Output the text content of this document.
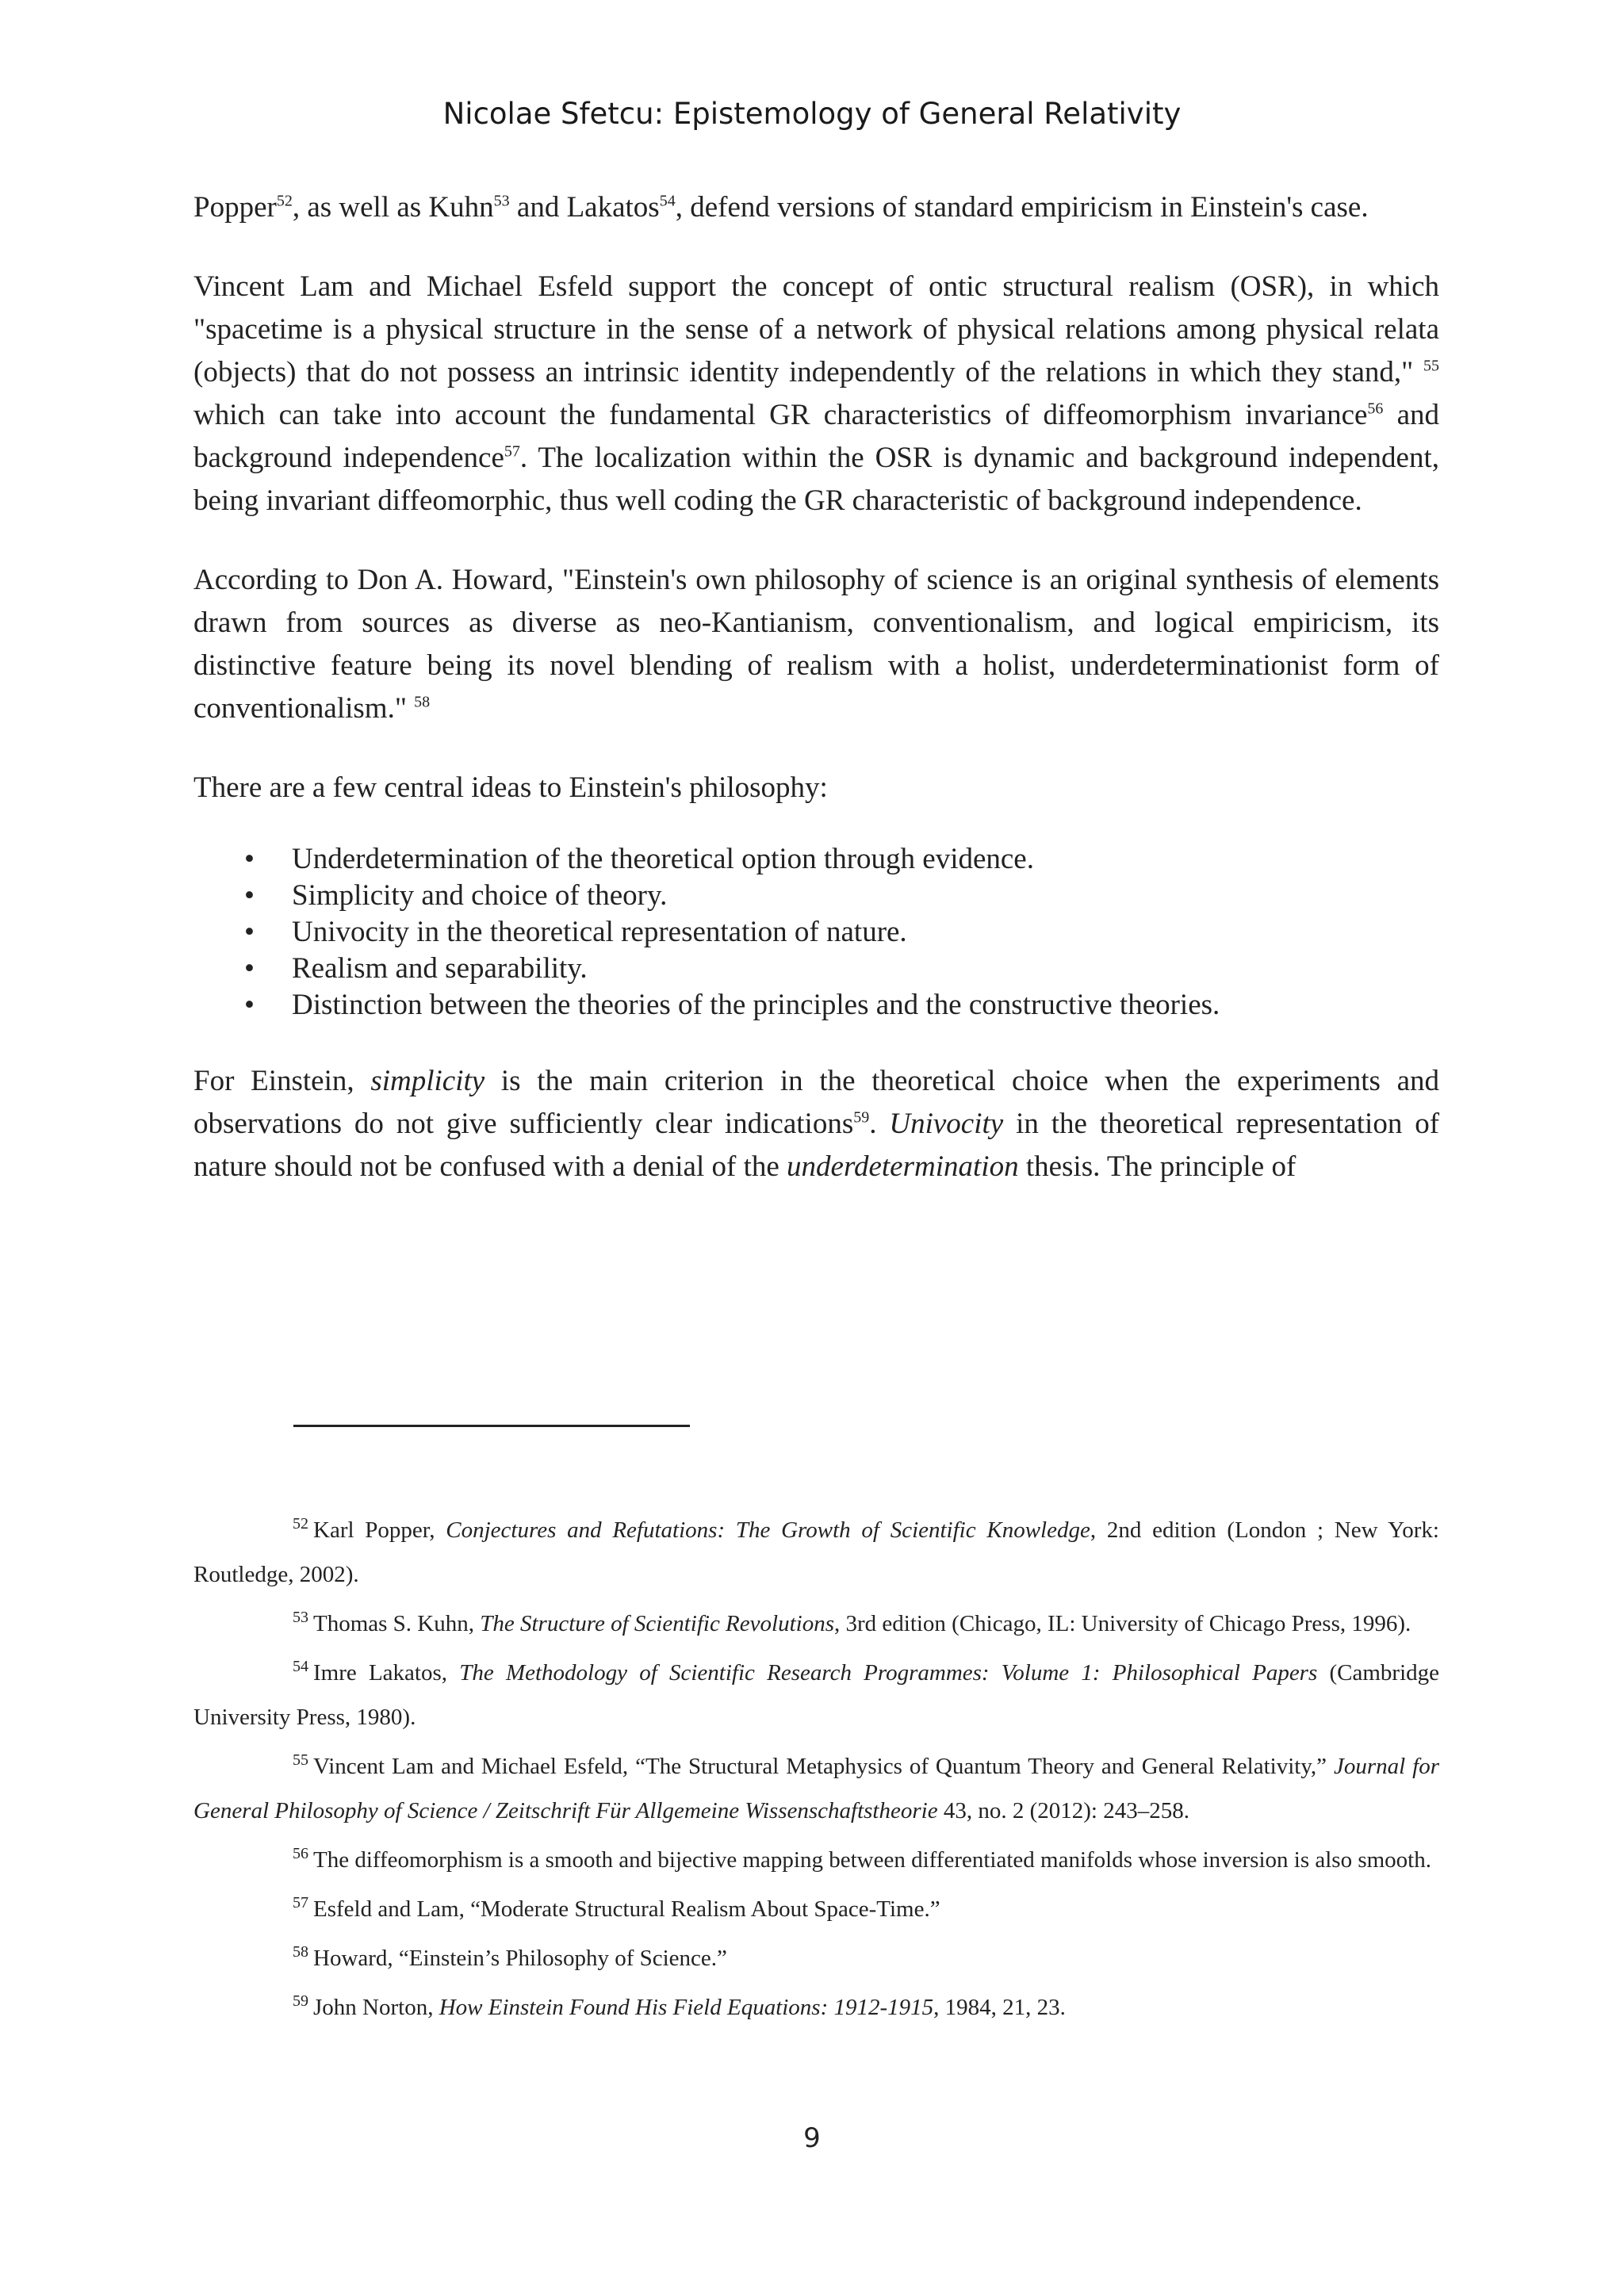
Nicolae Sfetcu: Epistemology of General Relativity

Popper$^{52}$, as well as Kuhn$^{53}$ and Lakatos$^{54}$, defend versions of standard empiricism in Einstein's case.

Vincent Lam and Michael Esfeld support the concept of ontic structural realism (OSR), in which "spacetime is a physical structure in the sense of a network of physical relations among physical relata (objects) that do not possess an intrinsic identity independently of the relations in which they stand," $^{55}$ which can take into account the fundamental GR characteristics of diffeomorphism invariance$^{56}$ and background independence$^{57}$. The localization within the OSR is dynamic and background independent, being invariant diffeomorphic, thus well coding the GR characteristic of background independence.

According to Don A. Howard, "Einstein's own philosophy of science is an original synthesis of elements drawn from sources as diverse as neo-Kantianism, conventionalism, and logical empiricism, its distinctive feature being its novel blending of realism with a holist, underdeterminationist form of conventionalism." $^{58}$

There are a few central ideas to Einstein's philosophy:

• Underdetermination of the theoretical option through evidence.
• Simplicity and choice of theory.
• Univocity in the theoretical representation of nature.
• Realism and separability.
• Distinction between the theories of the principles and the constructive theories.

For Einstein, simplicity is the main criterion in the theoretical choice when the experiments and observations do not give sufficiently clear indications$^{59}$. Univocity in the theoretical representation of nature should not be confused with a denial of the underdetermination thesis. The principle of

$^{52}$ Karl Popper, Conjectures and Refutations: The Growth of Scientific Knowledge, 2nd edition (London ; New York: Routledge, 2002).

$^{53}$ Thomas S. Kuhn, The Structure of Scientific Revolutions, 3rd edition (Chicago, IL: University of Chicago Press, 1996).

$^{54}$ Imre Lakatos, The Methodology of Scientific Research Programmes: Volume 1: Philosophical Papers (Cambridge University Press, 1980).

$^{55}$ Vincent Lam and Michael Esfeld, “The Structural Metaphysics of Quantum Theory and General Relativity,” Journal for General Philosophy of Science / Zeitschrift Für Allgemeine Wissenschaftstheorie 43, no. 2 (2012): 243–258.

$^{56}$ The diffeomorphism is a smooth and bijective mapping between differentiated manifolds whose inversion is also smooth.

$^{57}$ Esfeld and Lam, “Moderate Structural Realism About Space-Time.”

$^{58}$ Howard, “Einstein’s Philosophy of Science.”

$^{59}$ John Norton, How Einstein Found His Field Equations: 1912-1915, 1984, 21, 23.

9
